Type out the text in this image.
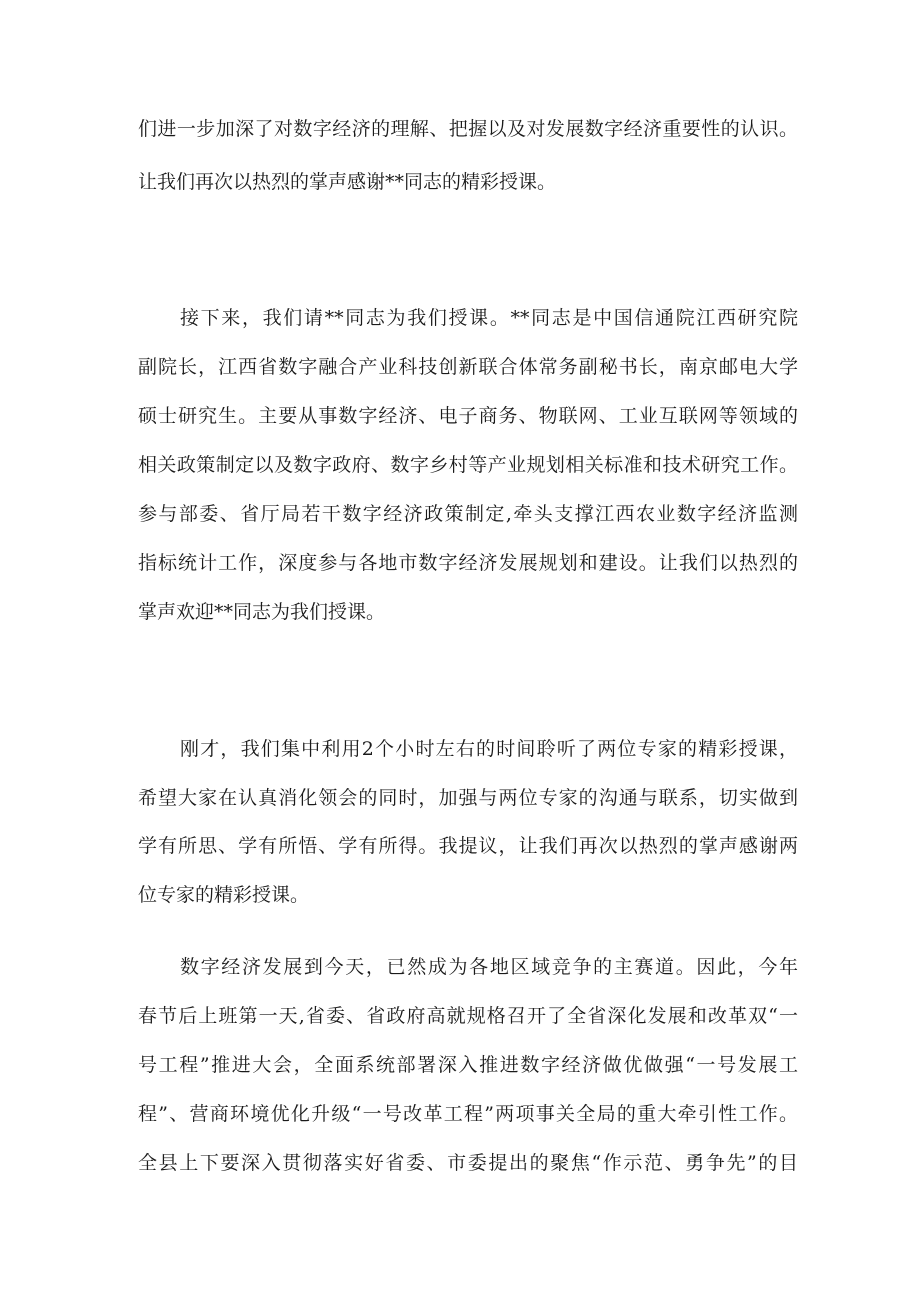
们进一步加深了对数字经济的理解、把握以及对发展数字经济重要性的认识。
让我们再次以热烈的掌声感谢**同志的精彩授课。
接下来，我们请**同志为我们授课。**同志是中国信通院江西研究院
副院长，江西省数字融合产业科技创新联合体常务副秘书长，南京邮电大学
硕士研究生。主要从事数字经济、电子商务、物联网、工业互联网等领域的
相关政策制定以及数字政府、数字乡村等产业规划相关标准和技术研究工作。
参与部委、省厅局若干数字经济政策制定,牵头支撑江西农业数字经济监测
指标统计工作，深度参与各地市数字经济发展规划和建设。让我们以热烈的
掌声欢迎**同志为我们授课。
刚才，我们集中利用2个小时左右的时间聆听了两位专家的精彩授课，
希望大家在认真消化领会的同时，加强与两位专家的沟通与联系，切实做到
学有所思、学有所悟、学有所得。我提议，让我们再次以热烈的掌声感谢两
位专家的精彩授课。
数字经济发展到今天，已然成为各地区域竞争的主赛道。因此，今年
春节后上班第一天,省委、省政府高就规格召开了全省深化发展和改革双“一
号工程”推进大会，全面系统部署深入推进数字经济做优做强“一号发展工
程”、营商环境优化升级“一号改革工程”两项事关全局的重大牵引性工作。
全县上下要深入贯彻落实好省委、市委提出的聚焦“作示范、勇争先”的目
